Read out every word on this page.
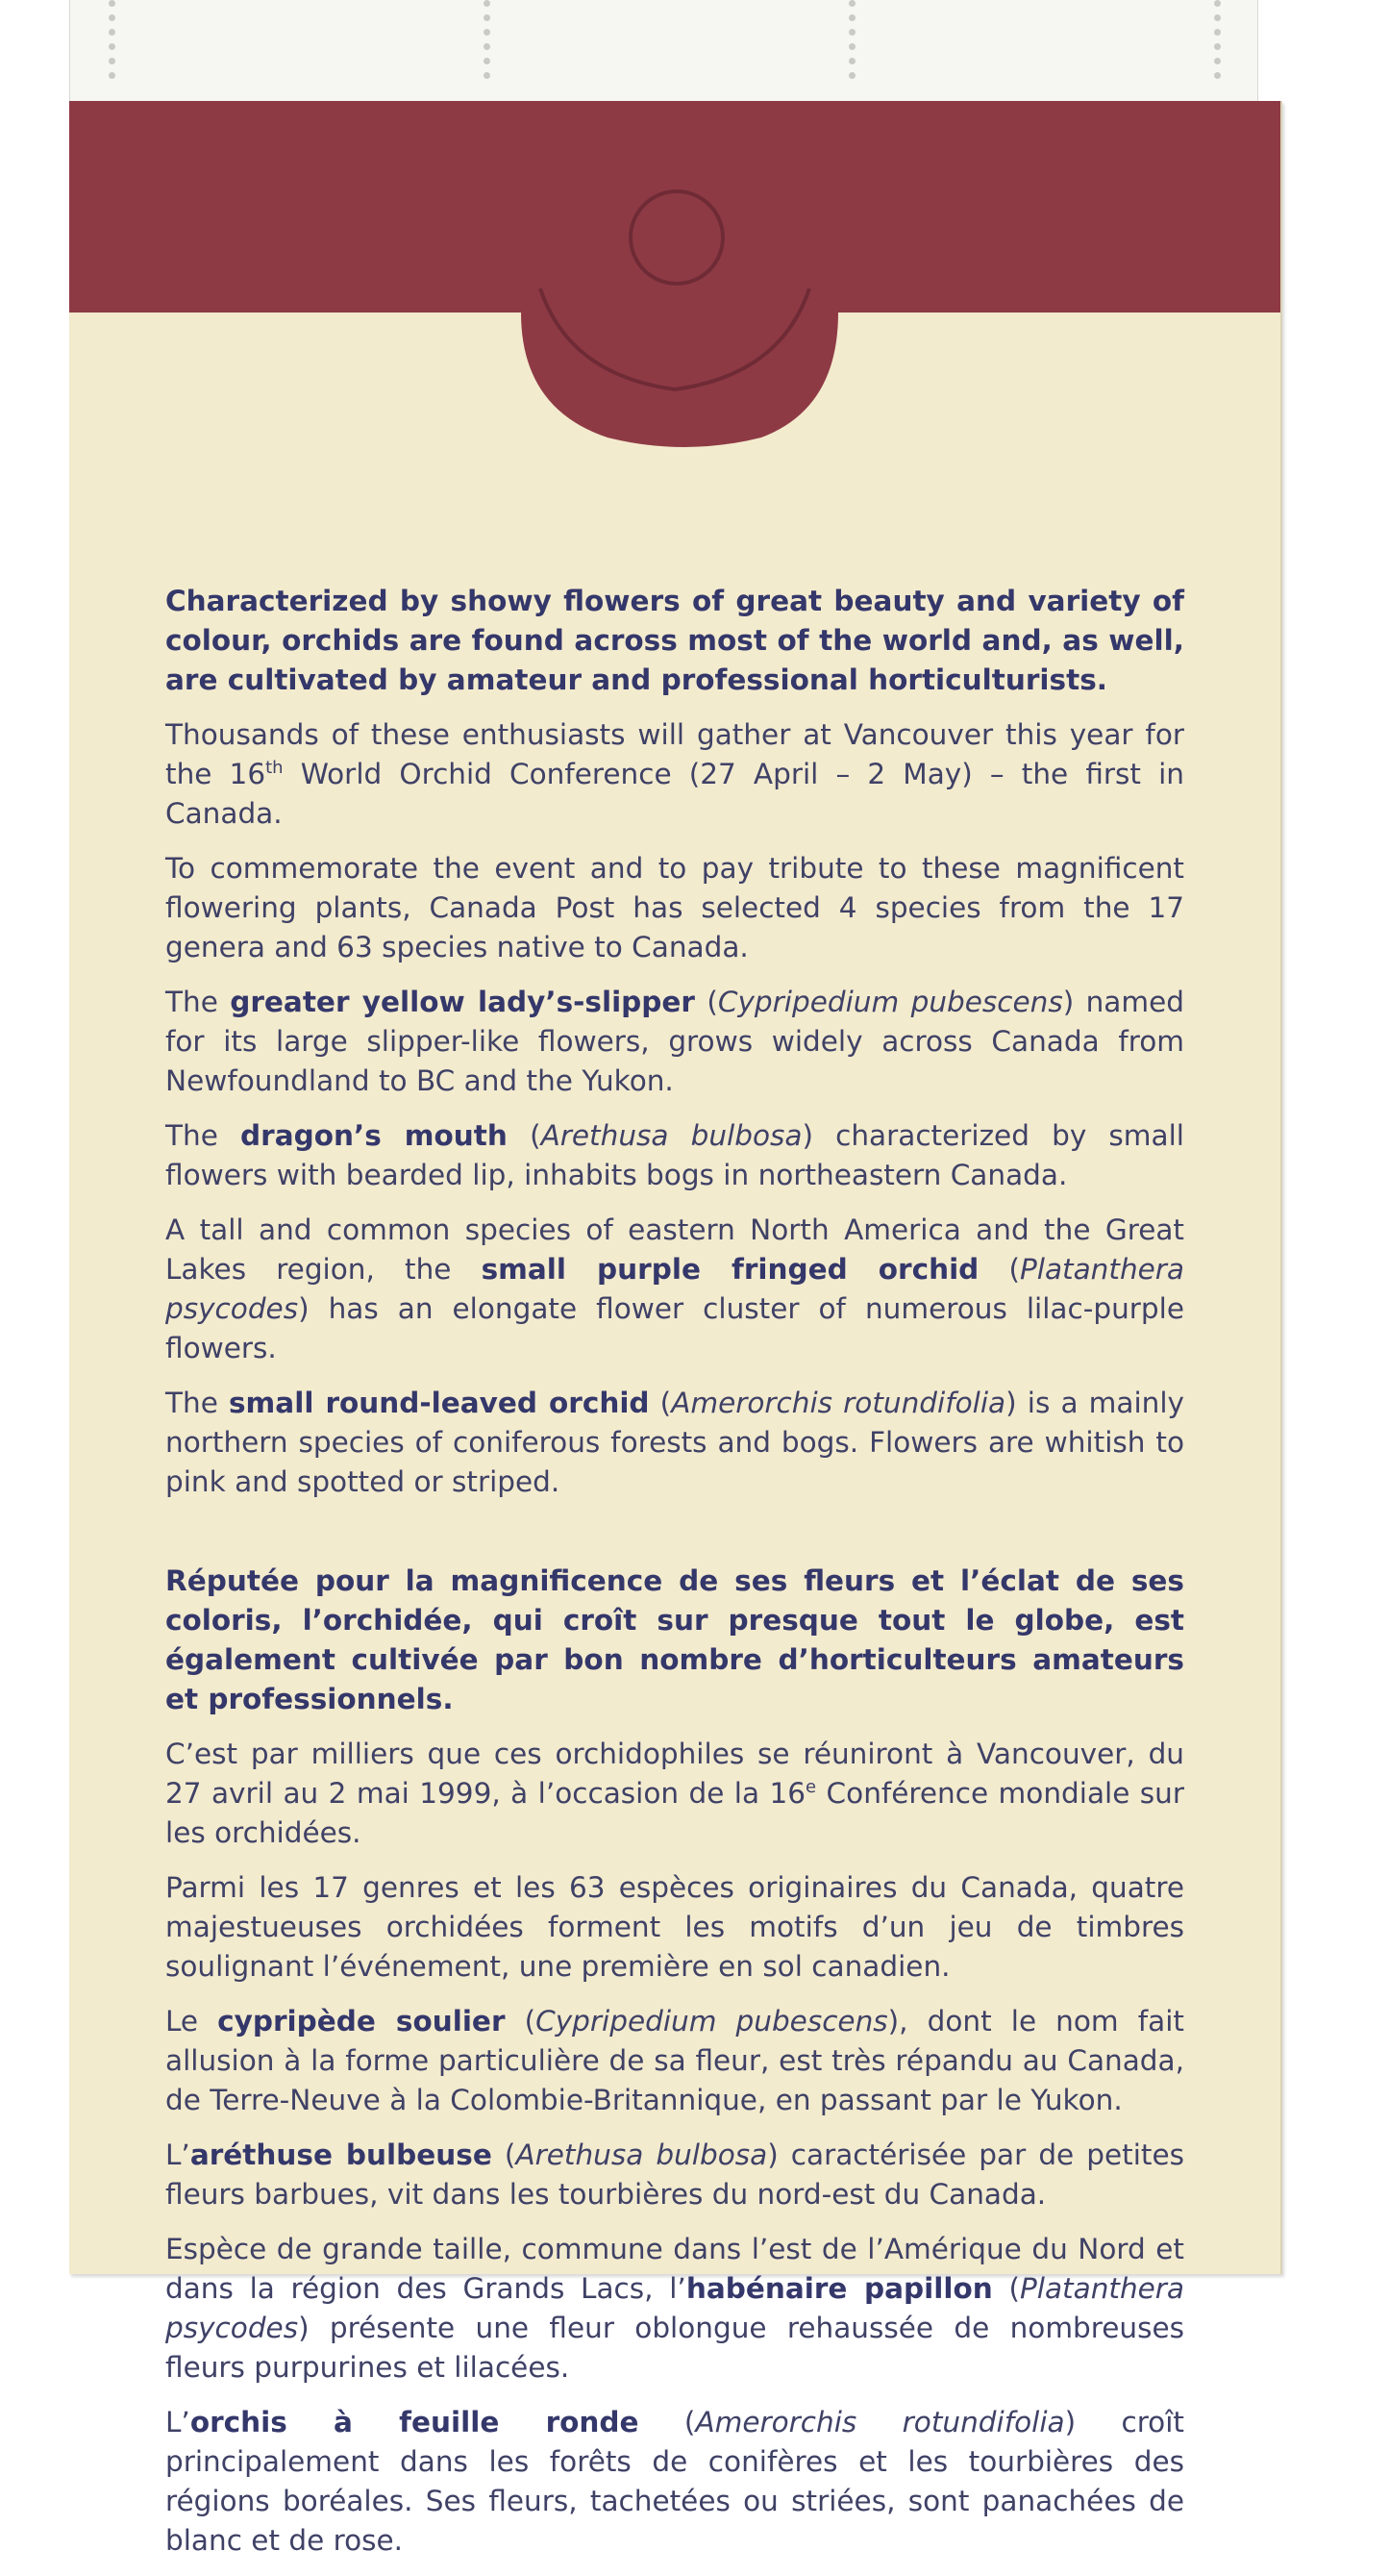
Characterized by showy flowers of great beauty and variety of colour, orchids are found across most of the world and, as well, are cultivated by amateur and professional horticulturists.

Thousands of these enthusiasts will gather at Vancouver this year for the 16th World Orchid Conference (27 April – 2 May) – the first in Canada.

To commemorate the event and to pay tribute to these magnificent flowering plants, Canada Post has selected 4 species from the 17 genera and 63 species native to Canada.

The greater yellow lady’s-slipper (Cypripedium pubescens) named for its large slipper-like flowers, grows widely across Canada from Newfoundland to BC and the Yukon.

The dragon’s mouth (Arethusa bulbosa) characterized by small flowers with bearded lip, inhabits bogs in northeastern Canada.

A tall and common species of eastern North America and the Great Lakes region, the small purple fringed orchid (Platanthera psycodes) has an elongate flower cluster of numerous lilac-purple flowers.

The small round-leaved orchid (Amerorchis rotundifolia) is a mainly northern species of coniferous forests and bogs. Flowers are whitish to pink and spotted or striped.

Réputée pour la magnificence de ses fleurs et l’éclat de ses coloris, l’orchidée, qui croît sur presque tout le globe, est également cultivée par bon nombre d’horticulteurs amateurs et professionnels.

C’est par milliers que ces orchidophiles se réuniront à Vancouver, du 27 avril au 2 mai 1999, à l’occasion de la 16e Conférence mondiale sur les orchidées.

Parmi les 17 genres et les 63 espèces originaires du Canada, quatre majestueuses orchidées forment les motifs d’un jeu de timbres soulignant l’événement, une première en sol canadien.

Le cypripède soulier (Cypripedium pubescens), dont le nom fait allusion à la forme particulière de sa fleur, est très répandu au Canada, de Terre-Neuve à la Colombie-Britannique, en passant par le Yukon.

L’aréthuse bulbeuse (Arethusa bulbosa) caractérisée par de petites fleurs barbues, vit dans les tourbières du nord-est du Canada.

Espèce de grande taille, commune dans l’est de l’Amérique du Nord et dans la région des Grands Lacs, l’habénaire papillon (Platanthera psycodes) présente une fleur oblongue rehaussée de nombreuses fleurs purpurines et lilacées.

L’orchis à feuille ronde (Amerorchis rotundifolia) croît principalement dans les forêts de conifères et les tourbières des régions boréales. Ses fleurs, tachetées ou striées, sont panachées de blanc et de rose.
